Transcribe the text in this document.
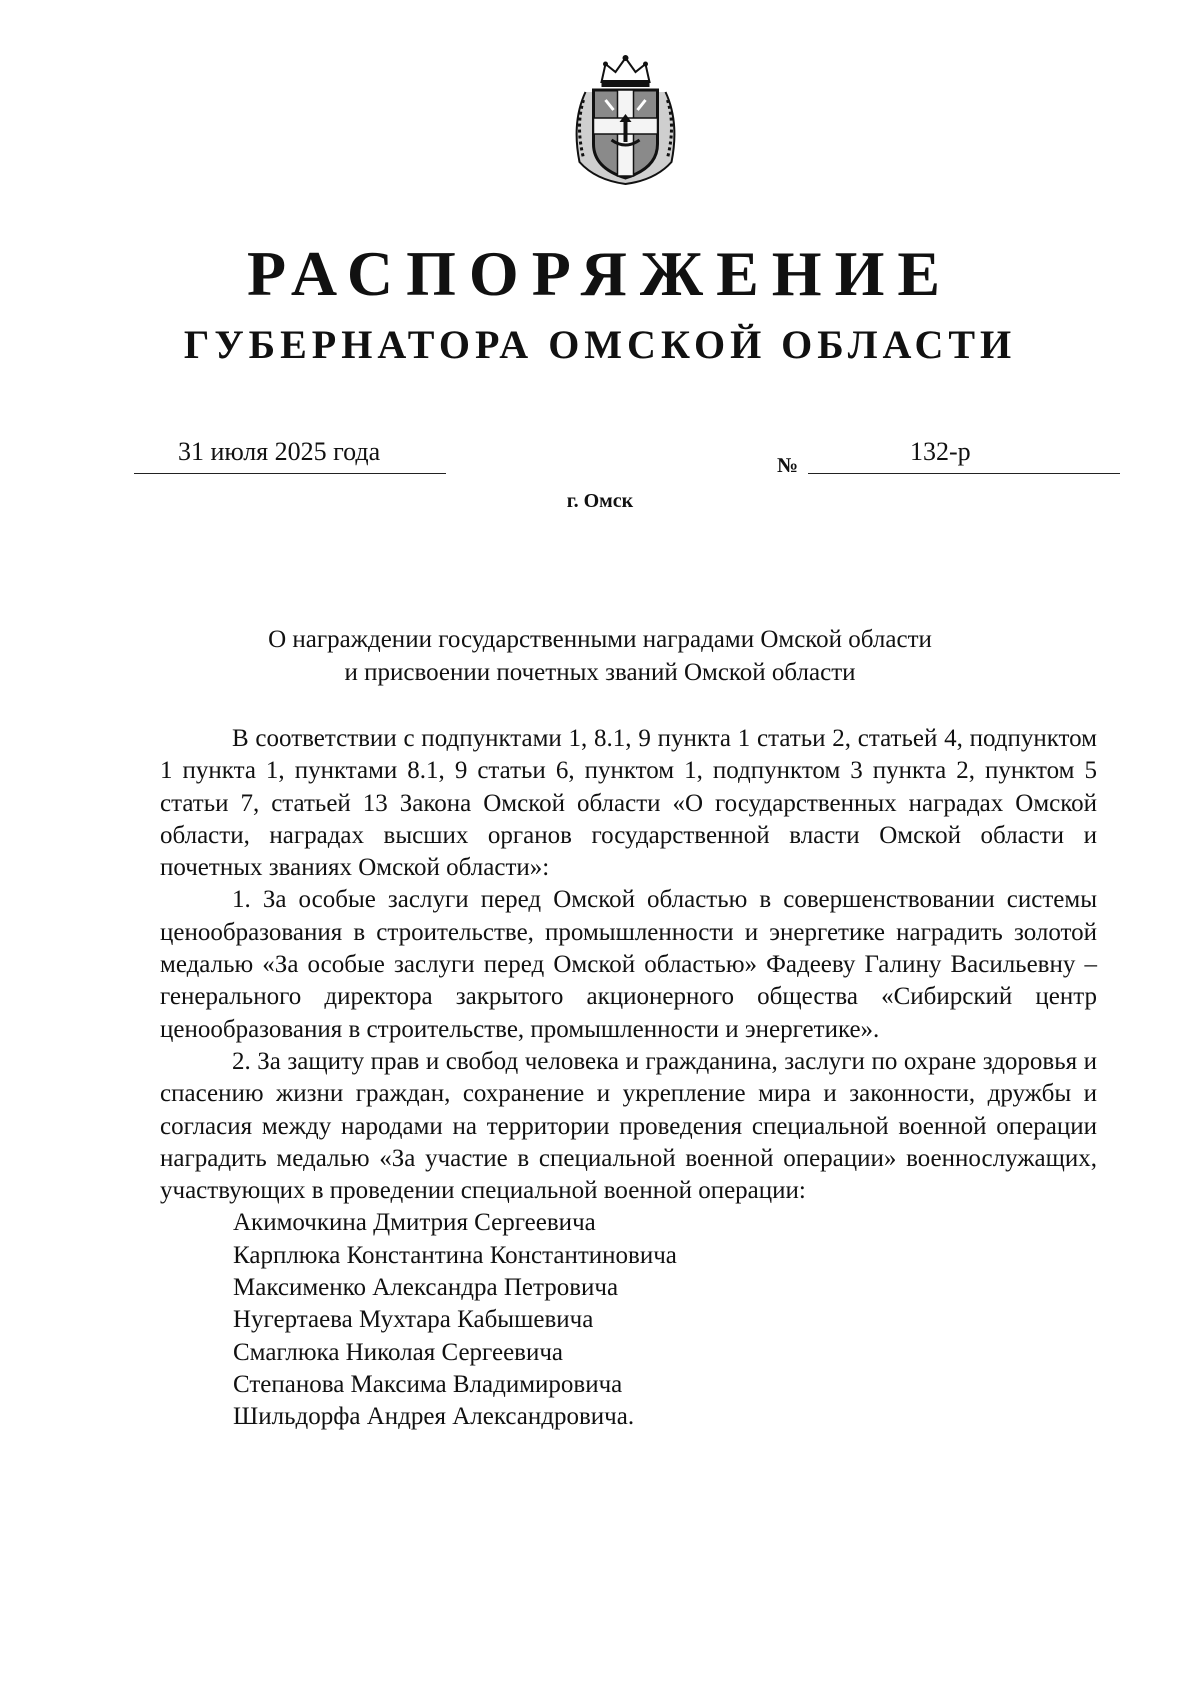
РАСПОРЯЖЕНИЕ
ГУБЕРНАТОРА ОМСКОЙ ОБЛАСТИ
31 июля 2025 года	№	132-р
г. Омск
О награждении государственными наградами Омской области
и присвоении почетных званий Омской области

В соответствии с подпунктами 1, 8.1, 9 пункта 1 статьи 2, статьей 4, подпунктом 1 пункта 1, пунктами 8.1, 9 статьи 6, пунктом 1, подпунктом 3 пункта 2, пунктом 5 статьи 7, статьей 13 Закона Омской области «О государственных наградах Омской области, наградах высших органов государственной власти Омской области и почетных званиях Омской области»:

1. За особые заслуги перед Омской областью в совершенствовании системы ценообразования в строительстве, промышленности и энергетике наградить золотой медалью «За особые заслуги перед Омской областью» Фадееву Галину Васильевну – генерального директора закрытого акционерного общества «Сибирский центр ценообразования в строительстве, промышленности и энергетике».

2. За защиту прав и свобод человека и гражданина, заслуги по охране здоровья и спасению жизни граждан, сохранение и укрепление мира и законности, дружбы и согласия между народами на территории проведения специальной военной операции наградить медалью «За участие в специальной военной операции» военнослужащих, участвующих в проведении специальной военной операции:

Акимочкина Дмитрия Сергеевича
Карплюка Константина Константиновича
Максименко Александра Петровича
Нугертаева Мухтара Кабышевича
Смаглюка Николая Сергеевича
Степанова Максима Владимировича
Шильдорфа Андрея Александровича.
